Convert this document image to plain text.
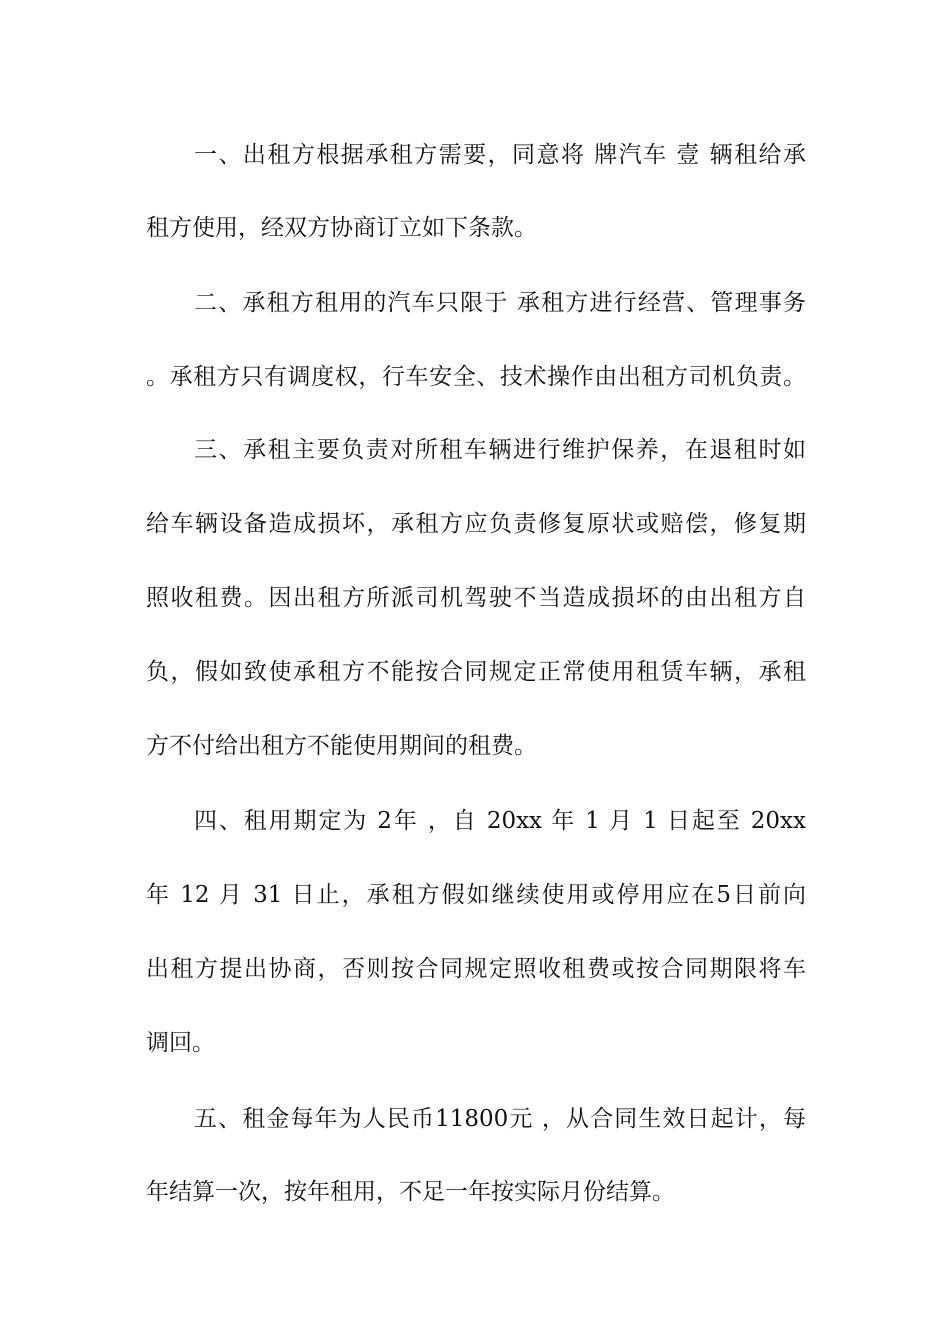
一、出租方根据承租方需要，同意将 牌汽车 壹 辆租给承
租方使用，经双方协商订立如下条款。
二、承租方租用的汽车只限于 承租方进行经营、管理事务
。承租方只有调度权，行车安全、技术操作由出租方司机负责。
三、承租主要负责对所租车辆进行维护保养，在退租时如
给车辆设备造成损坏，承租方应负责修复原状或赔偿，修复期
照收租费。因出租方所派司机驾驶不当造成损坏的由出租方自
负，假如致使承租方不能按合同规定正常使用租赁车辆，承租
方不付给出租方不能使用期间的租费。
四、租用期定为 2年 ，自 20xx 年 1 月 1 日起至 20xx
年 12 月 31 日止，承租方假如继续使用或停用应在5日前向
出租方提出协商，否则按合同规定照收租费或按合同期限将车
调回。
五、租金每年为人民币11800元 ，从合同生效日起计，每
年结算一次，按年租用，不足一年按实际月份结算。
